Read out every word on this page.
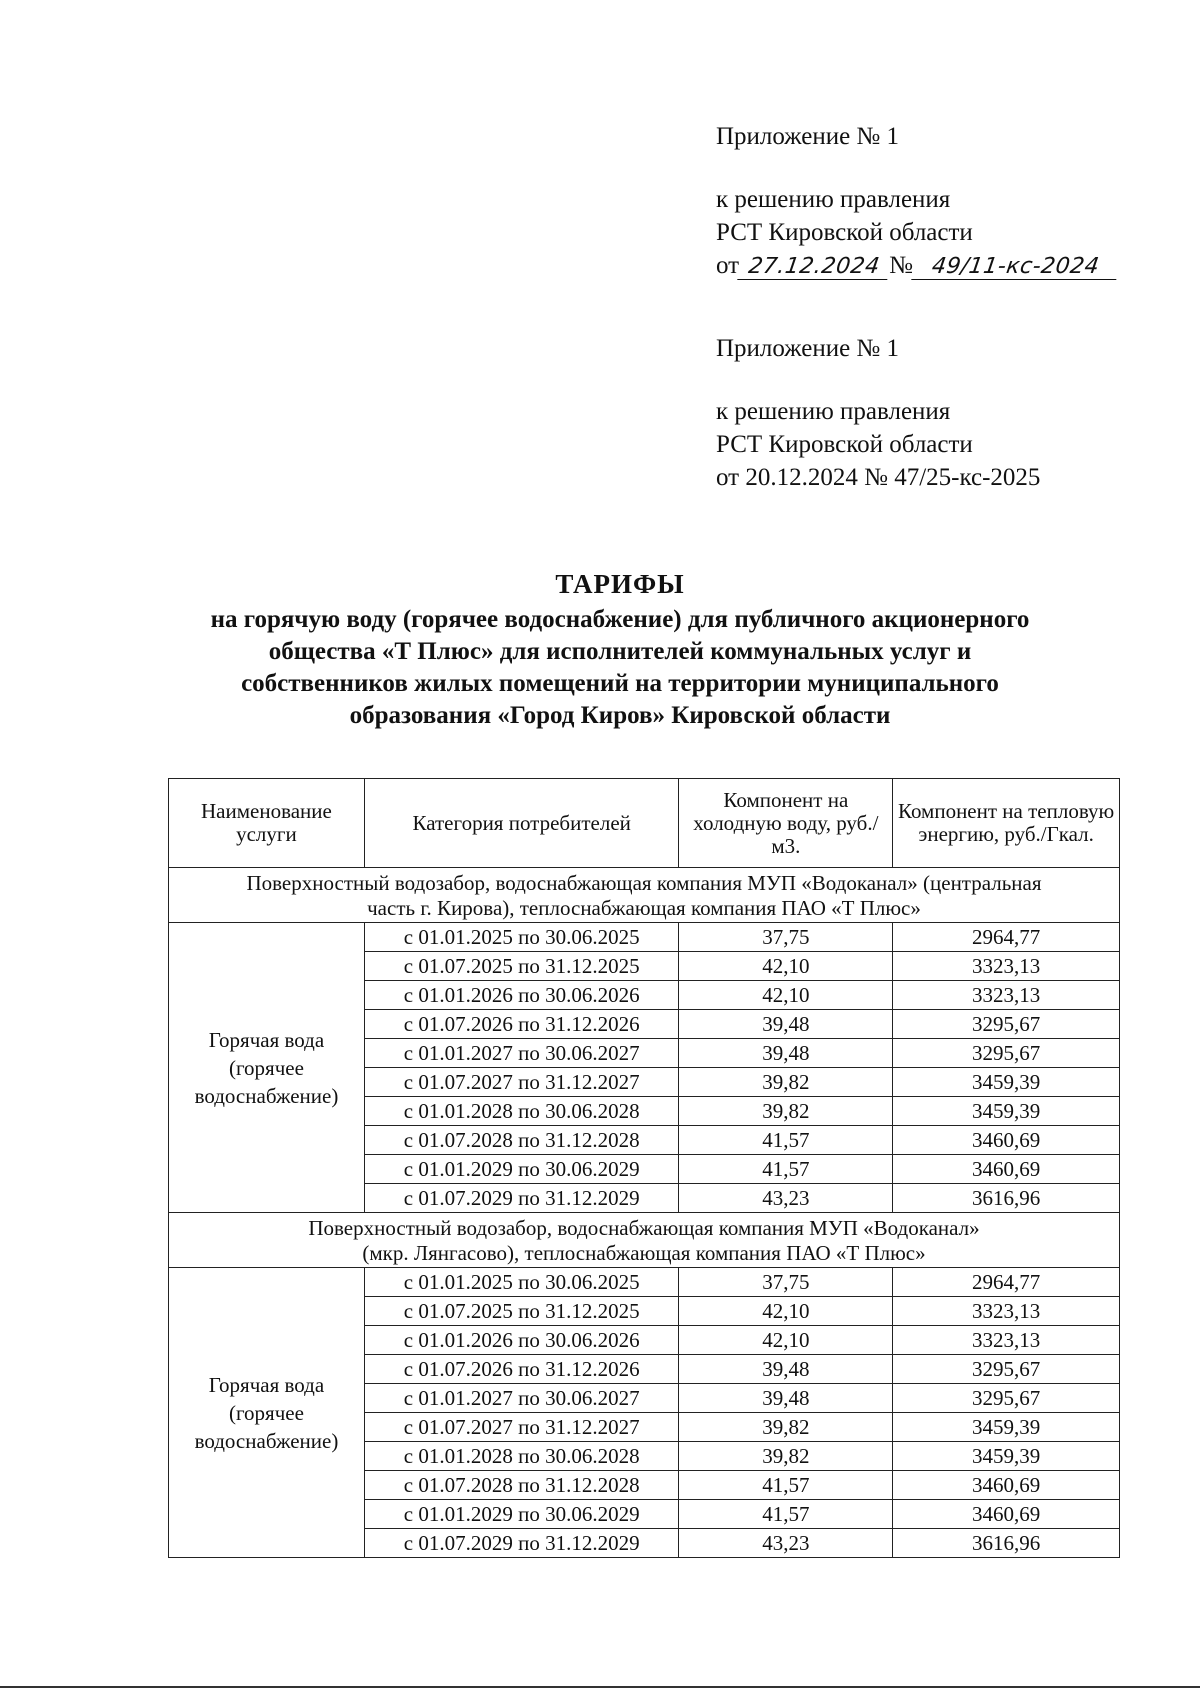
Приложение № 1
к решению правления
РСТ Кировской области
от 27.12.2024 № 49/11-кс-2024
Приложение № 1
к решению правления
РСТ Кировской области
от 20.12.2024 № 47/25-кс-2025
ТАРИФЫ
на горячую воду (горячее водоснабжение) для публичного акционерного
общества «Т Плюс» для исполнителей коммунальных услуг и
собственников жилых помещений на территории муниципального
образования «Город Киров» Кировской области
Наименование услуги	Категория потребителей	Компонент на холодную воду, руб./м3.	Компонент на тепловую энергию, руб./Гкал.

Поверхностный водозабор, водоснабжающая компания МУП «Водоканал» (центральная
часть г. Кирова), теплоснабжающая компания ПАО «Т Плюс»			

Горячая вода
(горячее
водоснабжение)	с 01.01.2025 по 30.06.2025	37,75	2964,77
	с 01.07.2025 по 31.12.2025	42,10	3323,13
	с 01.01.2026 по 30.06.2026	42,10	3323,13
	с 01.07.2026 по 31.12.2026	39,48	3295,67
	с 01.01.2027 по 30.06.2027	39,48	3295,67
	с 01.07.2027 по 31.12.2027	39,82	3459,39
	с 01.01.2028 по 30.06.2028	39,82	3459,39
	с 01.07.2028 по 31.12.2028	41,57	3460,69
	с 01.01.2029 по 30.06.2029	41,57	3460,69
	с 01.07.2029 по 31.12.2029	43,23	3616,96

Поверхностный водозабор, водоснабжающая компания МУП «Водоканал»
(мкр. Лянгасово), теплоснабжающая компания ПАО «Т Плюс»			

Горячая вода
(горячее
водоснабжение)	с 01.01.2025 по 30.06.2025	37,75	2964,77
	с 01.07.2025 по 31.12.2025	42,10	3323,13
	с 01.01.2026 по 30.06.2026	42,10	3323,13
	с 01.07.2026 по 31.12.2026	39,48	3295,67
	с 01.01.2027 по 30.06.2027	39,48	3295,67
	с 01.07.2027 по 31.12.2027	39,82	3459,39
	с 01.01.2028 по 30.06.2028	39,82	3459,39
	с 01.07.2028 по 31.12.2028	41,57	3460,69
	с 01.01.2029 по 30.06.2029	41,57	3460,69
	с 01.07.2029 по 31.12.2029	43,23	3616,96
